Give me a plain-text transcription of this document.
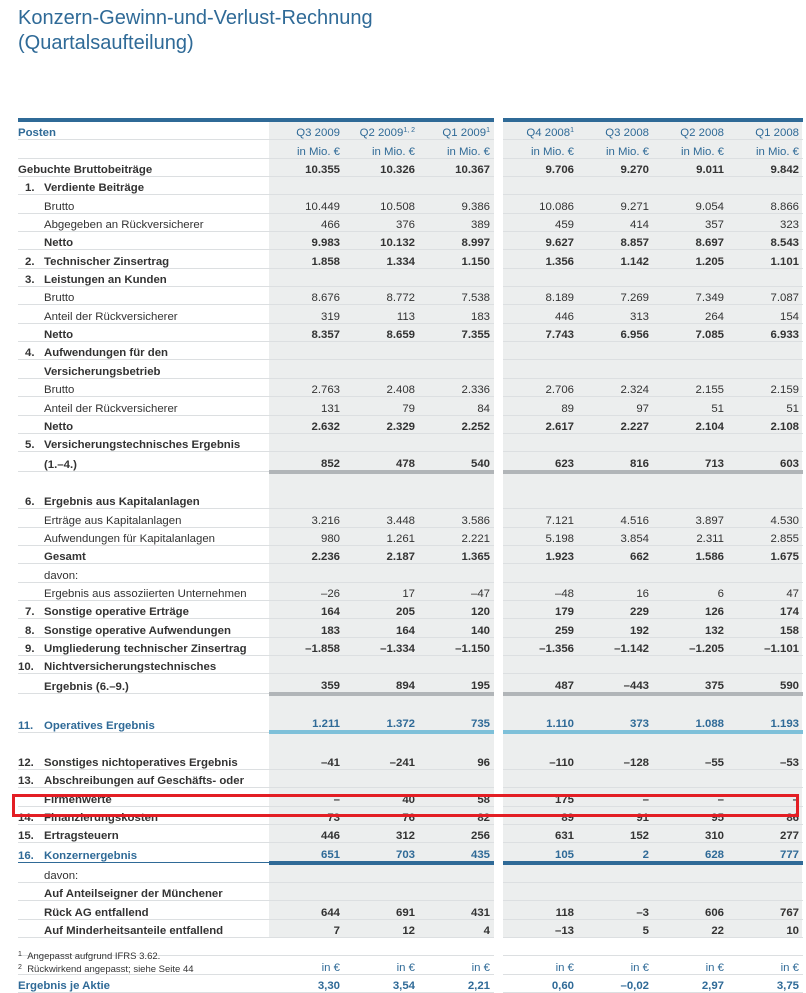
Konzern-Gewinn-und-Verlust-Rechnung
(Quartalsaufteilung)
Posten	Q3 2009	Q2 2009$^{1, 2}$	Q1 2009$^1$		Q4 2008$^1$	Q3 2008	Q2 2008	Q1 2008
	in Mio. €	in Mio. €	in Mio. €		in Mio. €	in Mio. €	in Mio. €	in Mio. €
Gebuchte Bruttobeiträge	10.355	10.326	10.367		9.706	9.270	9.011	9.842
1. Verdiente Beiträge								
Brutto	10.449	10.508	9.386		10.086	9.271	9.054	8.866
Abgegeben an Rückversicherer	466	376	389		459	414	357	323
Netto	9.983	10.132	8.997		9.627	8.857	8.697	8.543
2. Technischer Zinsertrag	1.858	1.334	1.150		1.356	1.142	1.205	1.101
3. Leistungen an Kunden								
Brutto	8.676	8.772	7.538		8.189	7.269	7.349	7.087
Anteil der Rückversicherer	319	113	183		446	313	264	154
Netto	8.357	8.659	7.355		7.743	6.956	7.085	6.933
4. Aufwendungen für den								
Versicherungsbetrieb								
Brutto	2.763	2.408	2.336		2.706	2.324	2.155	2.159
Anteil der Rückversicherer	131	79	84		89	97	51	51
Netto	2.632	2.329	2.252		2.617	2.227	2.104	2.108
5. Versicherungstechnisches Ergebnis								
(1.–4.)	852	478	540		623	816	713	603

6. Ergebnis aus Kapitalanlagen								
Erträge aus Kapitalanlagen	3.216	3.448	3.586		7.121	4.516	3.897	4.530
Aufwendungen für Kapitalanlagen	980	1.261	2.221		5.198	3.854	2.311	2.855
Gesamt	2.236	2.187	1.365		1.923	662	1.586	1.675
davon:								
Ergebnis aus assoziierten Unternehmen	–26	17	–47		–48	16	6	47
7. Sonstige operative Erträge	164	205	120		179	229	126	174
8. Sonstige operative Aufwendungen	183	164	140		259	192	132	158
9. Umgliederung technischer Zinsertrag	–1.858	–1.334	–1.150		–1.356	–1.142	–1.205	–1.101
10. Nichtversicherungstechnisches								
Ergebnis (6.–9.)	359	894	195		487	–443	375	590

11. Operatives Ergebnis	1.211	1.372	735		1.110	373	1.088	1.193

12. Sonstiges nichtoperatives Ergebnis	–41	–241	96		–110	–128	–55	–53
13. Abschreibungen auf Geschäfts- oder								
Firmenwerte	–	40	58		175	–	–	–
14. Finanzierungskosten	73	76	82		89	91	95	86
15. Ertragsteuern	446	312	256		631	152	310	277
16. Konzernergebnis	651	703	435		105	2	628	777
davon:								
Auf Anteilseigner der Münchener								
Rück AG entfallend	644	691	431		118	–3	606	767
Auf Minderheitsanteile entfallend	7	12	4		–13	5	22	10

	in €	in €	in €		in €	in €	in €	in €
Ergebnis je Aktie	3,30	3,54	2,21		0,60	–0,02	2,97	3,75
$^1$ Angepasst aufgrund IFRS 3.62.
$^2$ Rückwirkend angepasst; siehe Seite 44
